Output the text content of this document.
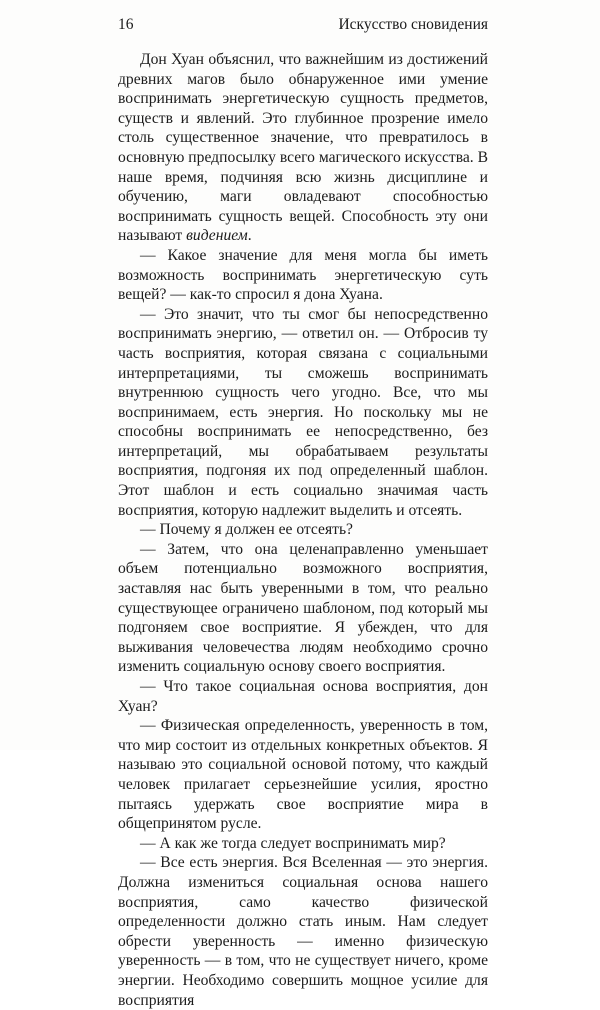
16	Искусство сновидения

Дон Хуан объяснил, что важнейшим из достижений древних магов было обнаруженное ими умение воспринимать энергетическую сущность предметов, существ и явлений. Это глубинное прозрение имело столь существенное значение, что превратилось в основную предпосылку всего магического искусства. В наше время, подчиняя всю жизнь дисциплине и обучению, маги овладевают способностью воспринимать сущность вещей. Способность эту они называют видением.

— Какое значение для меня могла бы иметь возможность воспринимать энергетическую суть вещей? — как-то спросил я дона Хуана.

— Это значит, что ты смог бы непосредственно воспринимать энергию, — ответил он. — Отбросив ту часть восприятия, которая связана с социальными интерпретациями, ты сможешь воспринимать внутреннюю сущность чего угодно. Все, что мы воспринимаем, есть энергия. Но поскольку мы не способны воспринимать ее непосредственно, без интерпретаций, мы обрабатываем результаты восприятия, подгоняя их под определенный шаблон. Этот шаблон и есть социально значимая часть восприятия, которую надлежит выделить и отсеять.

— Почему я должен ее отсеять?

— Затем, что она целенаправленно уменьшает объем потенциально возможного восприятия, заставляя нас быть уверенными в том, что реально существующее ограничено шаблоном, под который мы подгоняем свое восприятие. Я убежден, что для выживания человечества людям необходимо срочно изменить социальную основу своего восприятия.

— Что такое социальная основа восприятия, дон Хуан?

— Физическая определенность, уверенность в том, что мир состоит из отдельных конкретных объектов. Я называю это социальной основой потому, что каждый человек прилагает серьезнейшие усилия, яростно пытаясь удержать свое восприятие мира в общепринятом русле.

— А как же тогда следует воспринимать мир?

— Все есть энергия. Вся Вселенная — это энергия. Должна измениться социальная основа нашего восприятия, само качество физической определенности должно стать иным. Нам следует обрести уверенность — именно физическую уверенность — в том, что не существует ничего, кроме энергии. Необходимо совершить мощное усилие для восприятия
